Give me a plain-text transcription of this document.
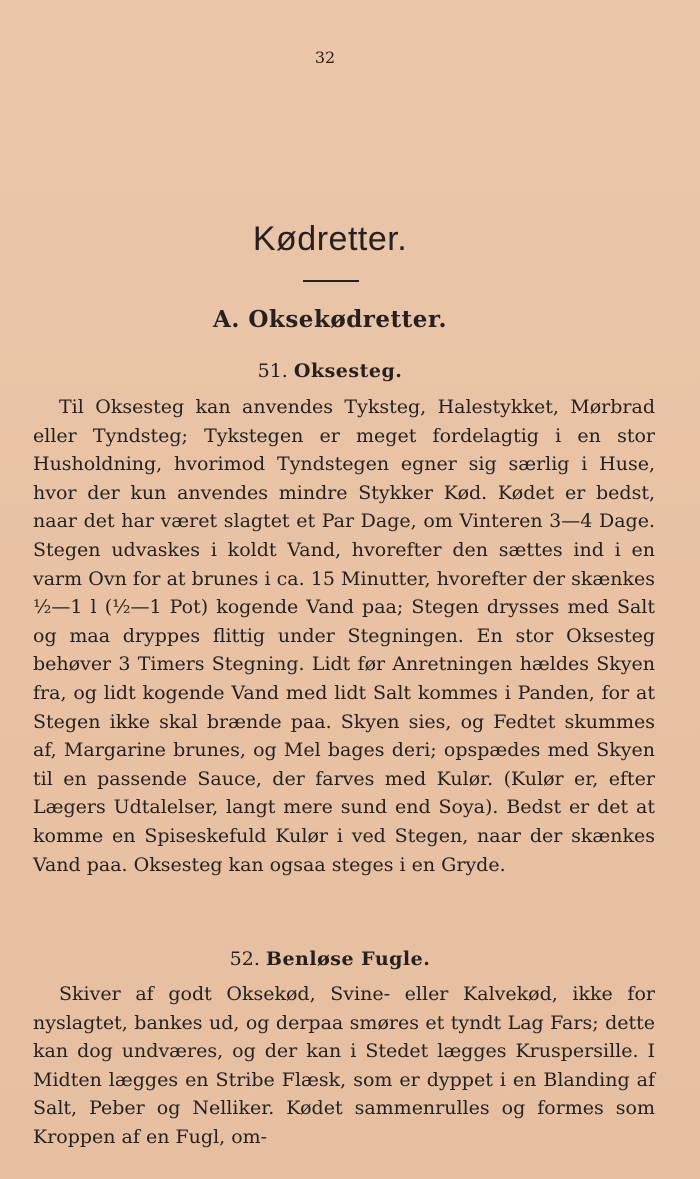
32
Kødretter.
A. Oksekødretter.
51. Oksesteg.
Til Oksesteg kan anvendes Tyksteg, Halestykket, Mørbrad eller Tyndsteg; Tykstegen er meget fordelagtig i en stor Husholdning, hvorimod Tyndstegen egner sig særlig i Huse, hvor der kun anvendes mindre Stykker Kød. Kødet er bedst, naar det har været slagtet et Par Dage, om Vinteren 3—4 Dage. Stegen udvaskes i koldt Vand, hvorefter den sættes ind i en varm Ovn for at brunes i ca. 15 Minutter, hvorefter der skænkes ½—1 l (½—1 Pot) kogende Vand paa; Stegen drysses med Salt og maa dryppes flittig under Stegningen. En stor Oksesteg behøver 3 Timers Stegning. Lidt før Anretningen hældes Skyen fra, og lidt kogende Vand med lidt Salt kommes i Panden, for at Stegen ikke skal brænde paa. Skyen sies, og Fedtet skummes af, Margarine brunes, og Mel bages deri; opspædes med Skyen til en passende Sauce, der farves med Kulør. (Kulør er, efter Lægers Udtalelser, langt mere sund end Soya). Bedst er det at komme en Spiseskefuld Kulør i ved Stegen, naar der skænkes Vand paa. Oksesteg kan ogsaa steges i en Gryde.
52. Benløse Fugle.
Skiver af godt Oksekød, Svine- eller Kalvekød, ikke for nyslagtet, bankes ud, og derpaa smøres et tyndt Lag Fars; dette kan dog undværes, og der kan i Stedet lægges Kruspersille. I Midten lægges en Stribe Flæsk, som er dyppet i en Blanding af Salt, Peber og Nelliker. Kødet sammenrulles og formes som Kroppen af en Fugl, om-
